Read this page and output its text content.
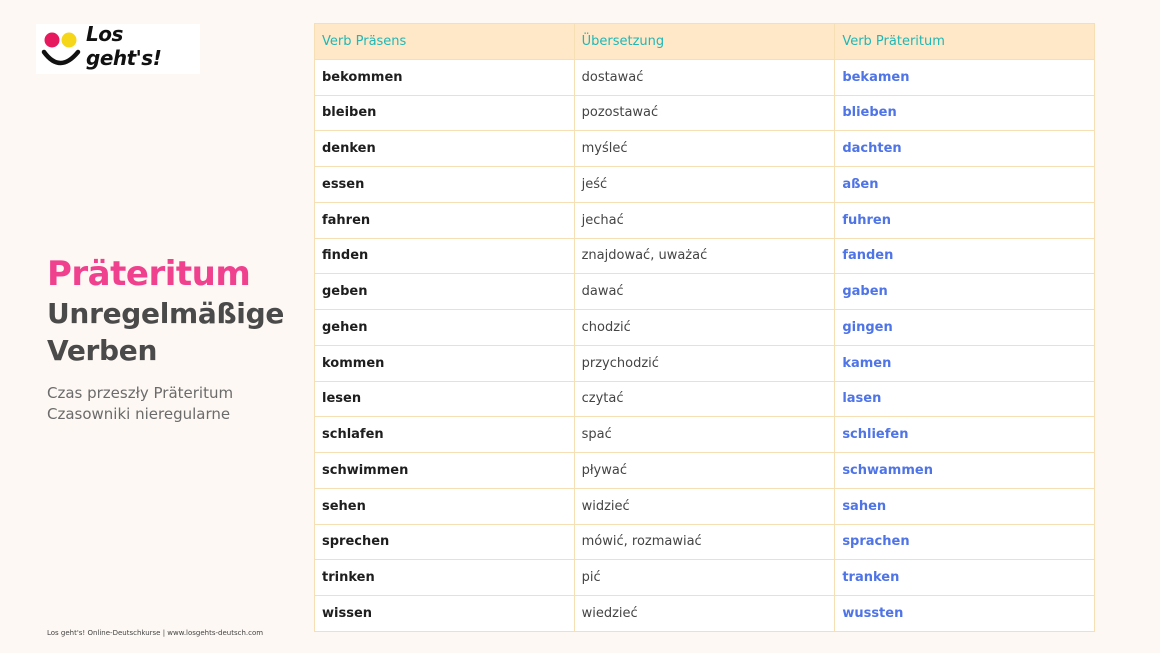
Los geht's!
Präteritum
Unregelmäßige
Verben
Czas przeszły Präteritum
Czasowniki nieregularne
Verb Präsens	Übersetzung	Verb Präteritum
bekommen	dostawać	bekamen
bleiben	pozostawać	blieben
denken	myśleć	dachten
essen	jeść	aßen
fahren	jechać	fuhren
finden	znajdować, uważać	fanden
geben	dawać	gaben
gehen	chodzić	gingen
kommen	przychodzić	kamen
lesen	czytać	lasen
schlafen	spać	schliefen
schwimmen	pływać	schwammen
sehen	widzieć	sahen
sprechen	mówić, rozmawiać	sprachen
trinken	pić	tranken
wissen	wiedzieć	wussten
Los geht's! Online-Deutschkurse | www.losgehts-deutsch.com
